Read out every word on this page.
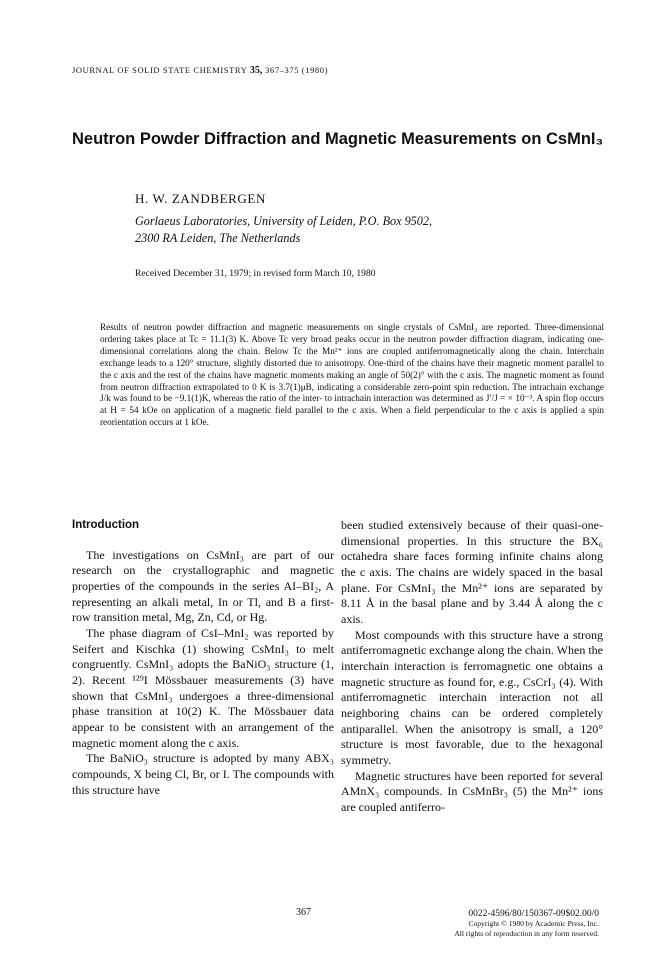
JOURNAL OF SOLID STATE CHEMISTRY 35, 367–375 (1980)
Neutron Powder Diffraction and Magnetic Measurements on CsMnI₃
H. W. ZANDBERGEN
Gorlaeus Laboratories, University of Leiden, P.O. Box 9502,
2300 RA Leiden, The Netherlands
Received December 31, 1979; in revised form March 10, 1980
Results of neutron powder diffraction and magnetic measurements on single crystals of CsMnI₃ are reported. Three-dimensional ordering takes place at Tc = 11.1(3) K. Above Tc very broad peaks occur in the neutron powder diffraction diagram, indicating one-dimensional correlations along the chain. Below Tc the Mn²⁺ ions are coupled antiferromagnetically along the chain. Interchain exchange leads to a 120° structure, slightly distorted due to anisotropy. One-third of the chains have their magnetic moment parallel to the c axis and the rest of the chains have magnetic moments making an angle of 50(2)° with the c axis. The magnetic moment as found from neutron diffraction extrapolated to 0 K is 3.7(1)μB, indicating a considerable zero-point spin reduction. The intrachain exchange J/k was found to be −9.1(1)K, whereas the ratio of the inter- to intrachain interaction was determined as J′/J = × 10⁻³. A spin flop occurs at H = 54 kOe on application of a magnetic field parallel to the c axis. When a field perpendicular to the c axis is applied a spin reorientation occurs at 1 kOe.
Introduction

The investigations on CsMnI₃ are part of our research on the crystallographic and magnetic properties of the compounds in the series AI–BI₂, A representing an alkali metal, In or Tl, and B a first-row transition metal, Mg, Zn, Cd, or Hg.

The phase diagram of CsI–MnI₂ was reported by Seifert and Kischka (1) showing CsMnI₃ to melt congruently. CsMnI₃ adopts the BaNiO₃ structure (1, 2). Recent ¹²⁹I Mössbauer measurements (3) have shown that CsMnI₃ undergoes a three-dimensional phase transition at 10(2) K. The Mössbauer data appear to be consistent with an arrangement of the magnetic moment along the c axis.

The BaNiO₃ structure is adopted by many ABX₃ compounds, X being Cl, Br, or I. The compounds with this structure have

been studied extensively because of their quasi-one-dimensional properties. In this structure the BX₆ octahedra share faces forming infinite chains along the c axis. The chains are widely spaced in the basal plane. For CsMnI₃ the Mn²⁺ ions are separated by 8.11 Å in the basal plane and by 3.44 Å along the c axis.

Most compounds with this structure have a strong antiferromagnetic exchange along the chain. When the interchain interaction is ferromagnetic one obtains a magnetic structure as found for, e.g., CsCrI₃ (4). With antiferromagnetic interchain interaction not all neighboring chains can be ordered completely antiparallel. When the anisotropy is small, a 120° structure is most favorable, due to the hexagonal symmetry.

Magnetic structures have been reported for several AMnX₃ compounds. In CsMnBr₃ (5) the Mn²⁺ ions are coupled antiferro-

367	0022-4596/80/150367-09$02.00/0
Copyright © 1980 by Academic Press, Inc.
All rights of reproduction in any form reserved.
